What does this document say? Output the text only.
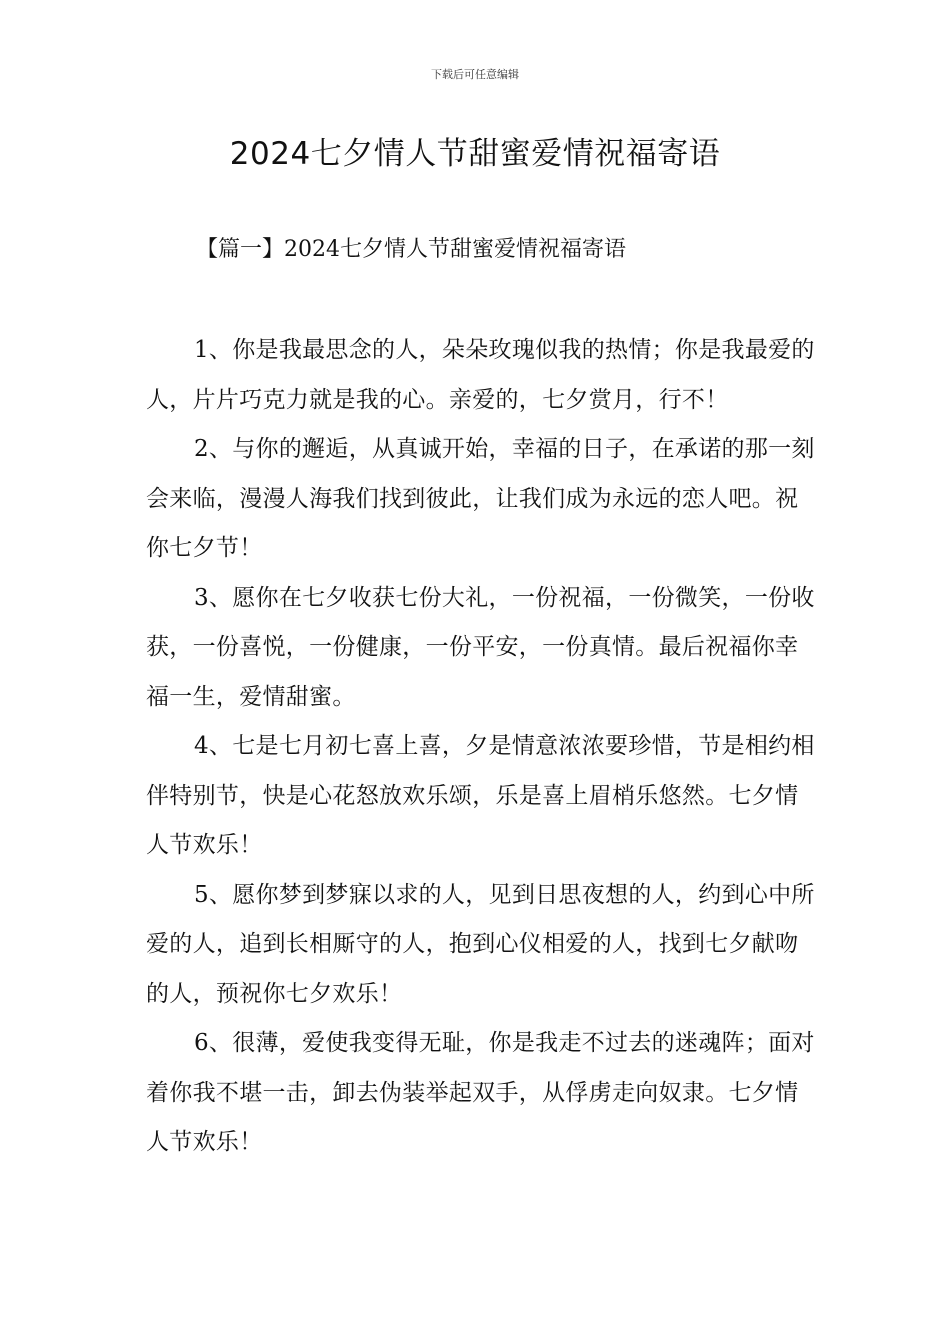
下载后可任意编辑
2024七夕情人节甜蜜爱情祝福寄语
【篇一】2024七夕情人节甜蜜爱情祝福寄语

1、你是我最思念的人，朵朵玫瑰似我的热情；你是我最爱的人，片片巧克力就是我的心。亲爱的，七夕赏月，行不！

2、与你的邂逅，从真诚开始，幸福的日子，在承诺的那一刻会来临，漫漫人海我们找到彼此，让我们成为永远的恋人吧。祝你七夕节！

3、愿你在七夕收获七份大礼，一份祝福，一份微笑，一份收获，一份喜悦，一份健康，一份平安，一份真情。最后祝福你幸福一生，爱情甜蜜。

4、七是七月初七喜上喜，夕是情意浓浓要珍惜，节是相约相伴特别节，快是心花怒放欢乐颂，乐是喜上眉梢乐悠然。七夕情人节欢乐！

5、愿你梦到梦寐以求的人，见到日思夜想的人，约到心中所爱的人，追到长相厮守的人，抱到心仪相爱的人，找到七夕献吻的人，预祝你七夕欢乐！

6、很薄，爱使我变得无耻，你是我走不过去的迷魂阵；面对着你我不堪一击，卸去伪装举起双手，从俘虏走向奴隶。七夕情人节欢乐！
